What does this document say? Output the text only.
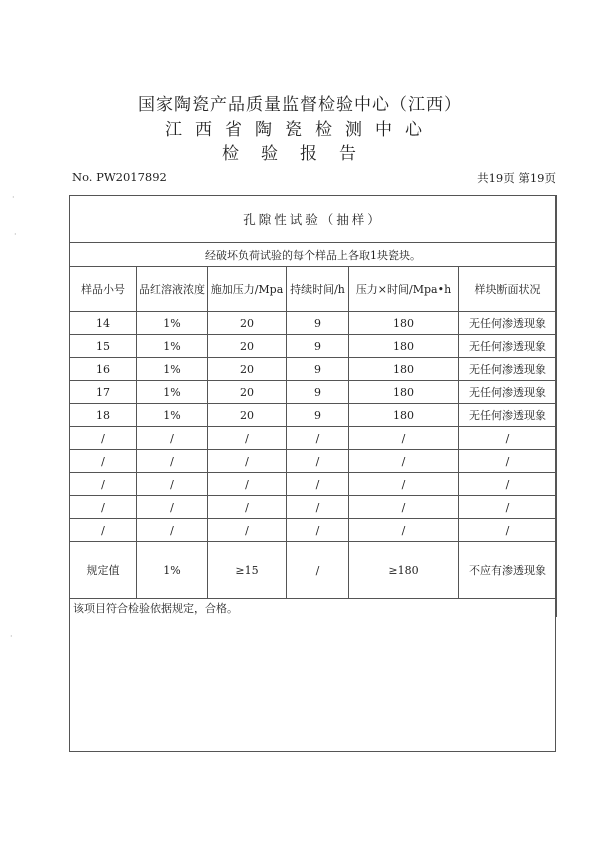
国家陶瓷产品质量监督检验中心（江西）
江西省陶瓷检测中心
检验报告
No. PW2017892	共19页 第19页
·
·
·
孔隙性试验（抽样）					
经破坏负荷试验的每个样品上各取1块瓷块。					
样品小号	品红溶液浓度	施加压力/Mpa	持续时间/h	压力×时间/Mpa•h	样块断面状况
14	1%	20	9	180	无任何渗透现象
15	1%	20	9	180	无任何渗透现象
16	1%	20	9	180	无任何渗透现象
17	1%	20	9	180	无任何渗透现象
18	1%	20	9	180	无任何渗透现象
/	/	/	/	/	/
/	/	/	/	/	/
/	/	/	/	/	/
/	/	/	/	/	/
/	/	/	/	/	/
规定值	1%	≥15	/	≥180	不应有渗透现象
该项目符合检验依据规定，合格。					
